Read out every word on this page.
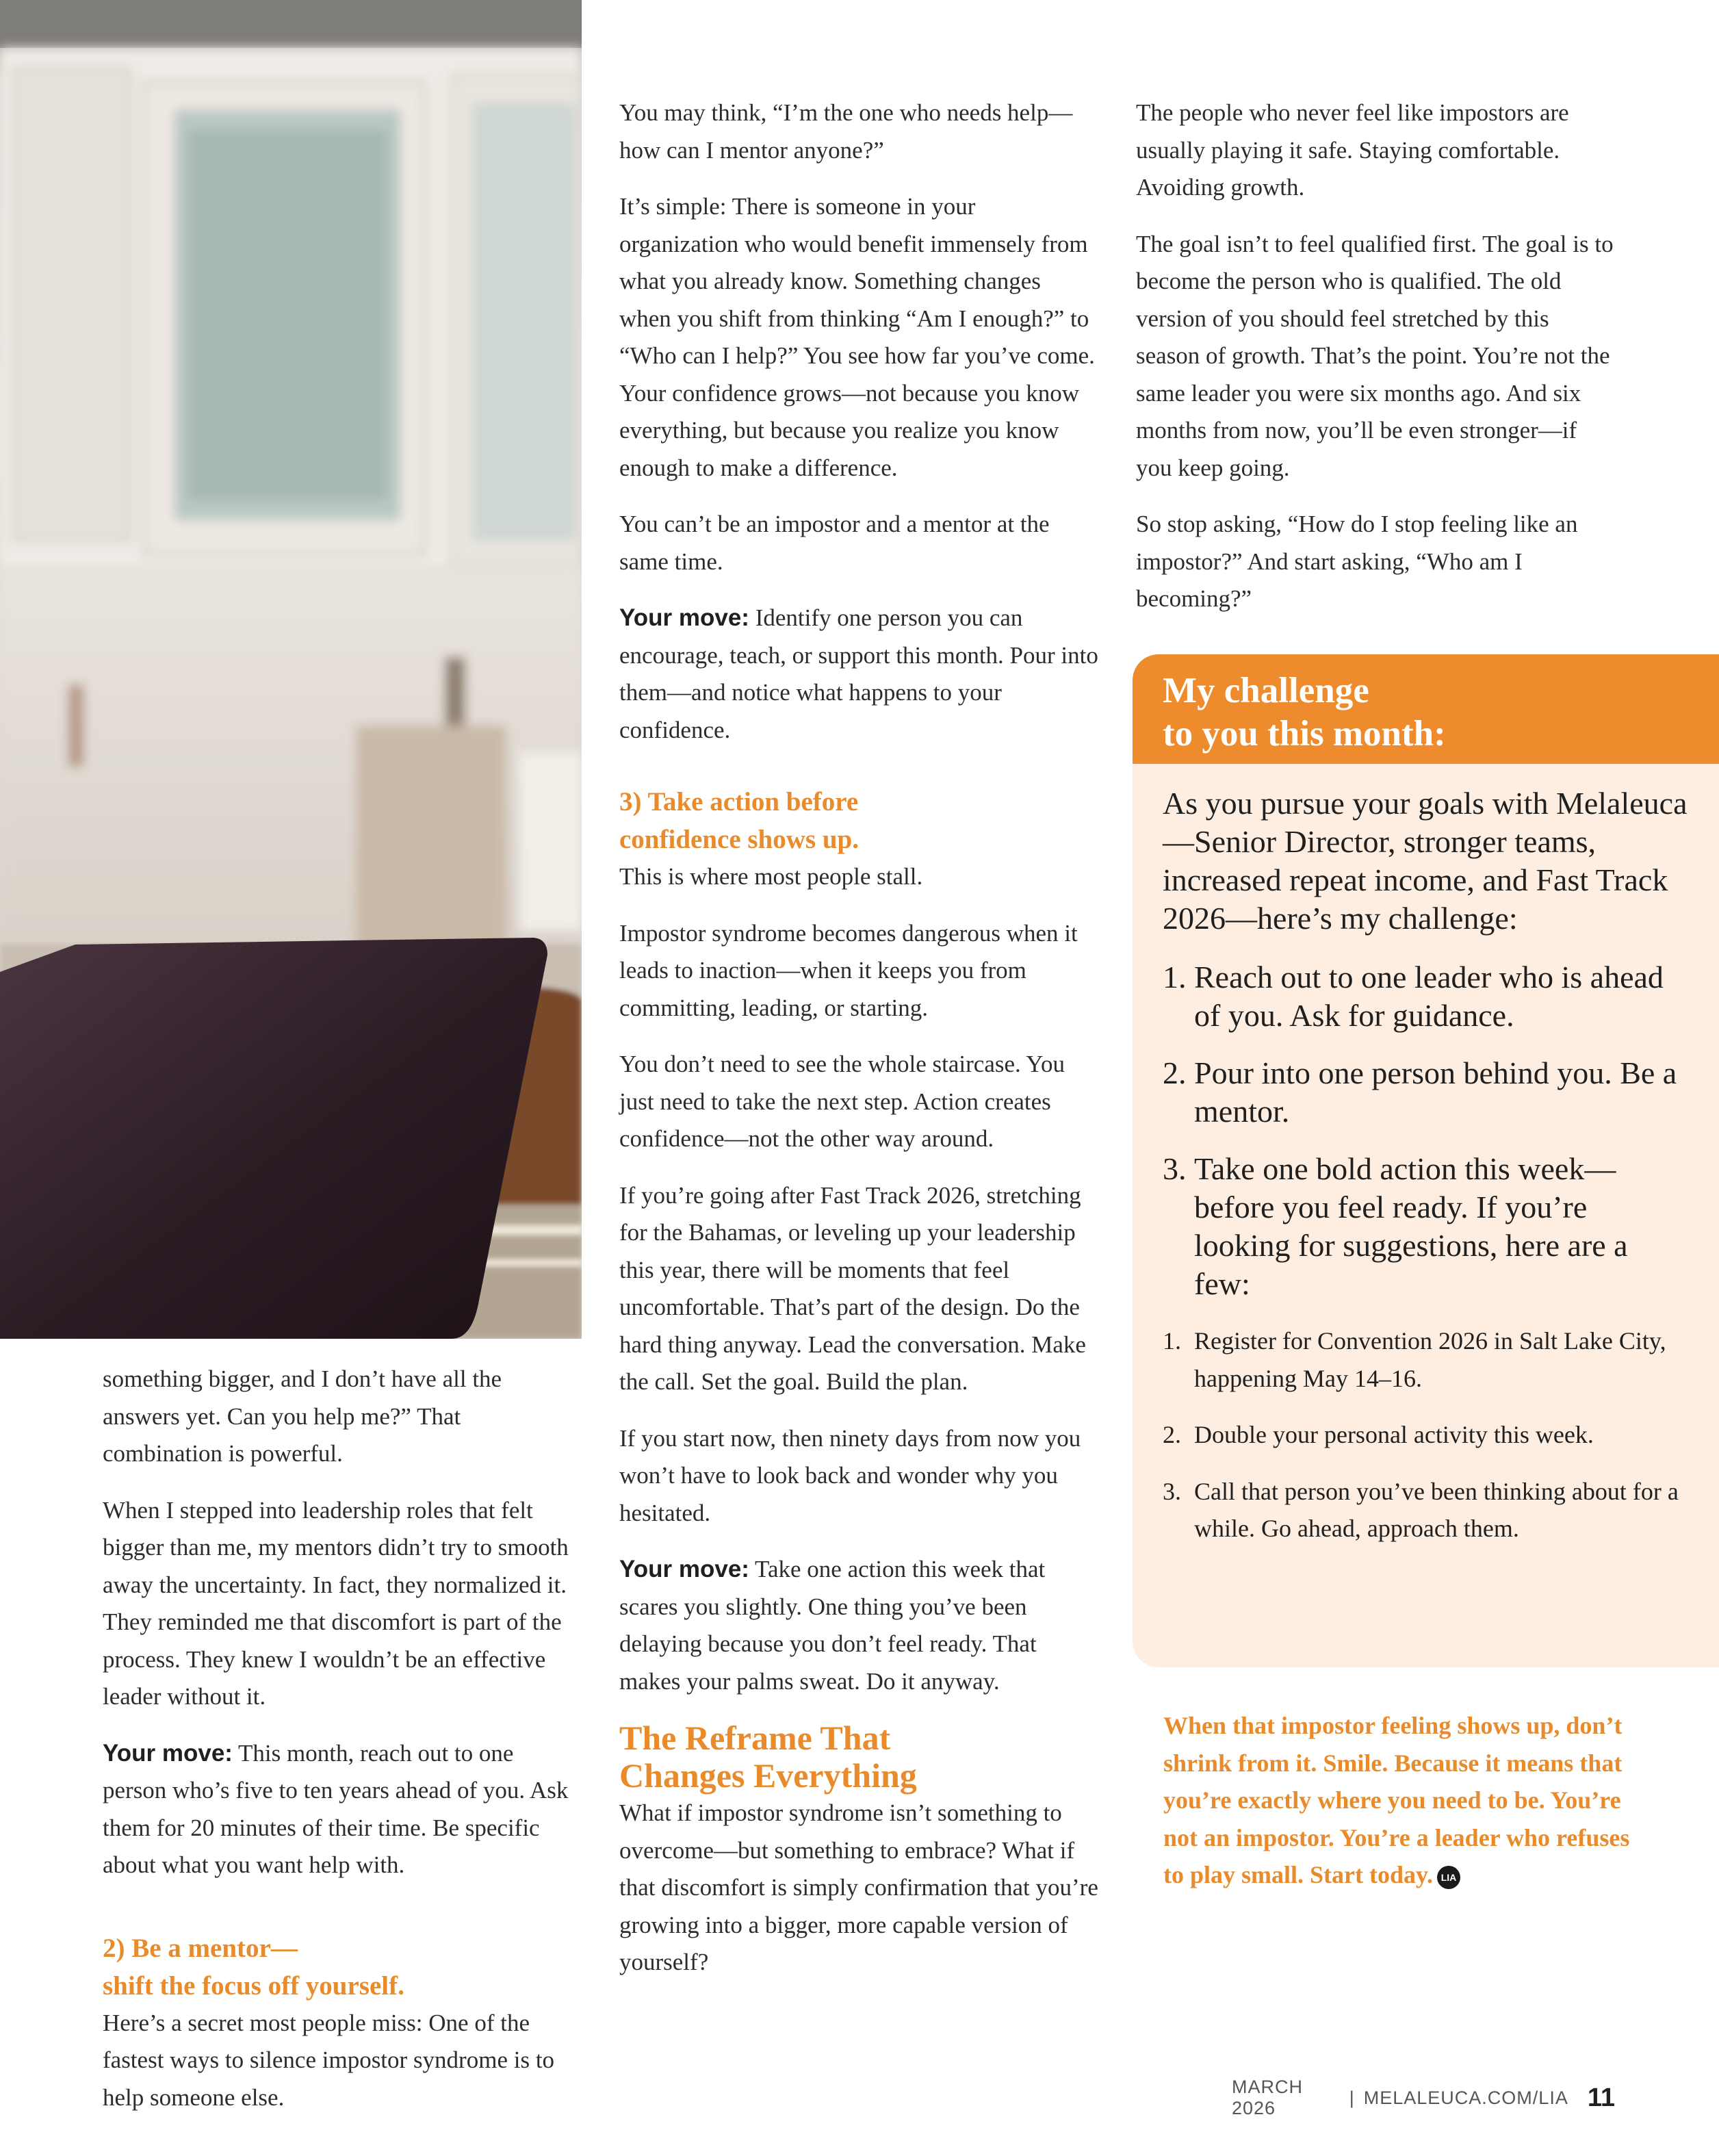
something bigger, and I don’t have all the answers yet. Can you help me?” That combination is powerful.

When I stepped into leadership roles that felt bigger than me, my mentors didn’t try to smooth away the uncertainty. In fact, they normalized it. They reminded me that discomfort is part of the process. They knew I wouldn’t be an effective leader without it.

Your move: This month, reach out to one person who’s five to ten years ahead of you. Ask them for 20 minutes of their time. Be specific about what you want help with.

2) Be a mentor—
shift the focus off yourself.

Here’s a secret most people miss: One of the fastest ways to silence impostor syndrome is to help someone else.

You may think, “I’m the one who needs help—how can I mentor anyone?”

It’s simple: There is someone in your organization who would benefit immensely from what you already know. Something changes when you shift from thinking “Am I enough?” to “Who can I help?” You see how far you’ve come. Your confidence grows—not because you know everything, but because you realize you know enough to make a difference.

You can’t be an impostor and a mentor at the same time.

Your move: Identify one person you can encourage, teach, or support this month. Pour into them—and notice what happens to your confidence.

3) Take action before
confidence shows up.

This is where most people stall.

Impostor syndrome becomes dangerous when it leads to inaction—when it keeps you from committing, leading, or starting.

You don’t need to see the whole staircase. You just need to take the next step. Action creates confidence—not the other way around.

If you’re going after Fast Track 2026, stretching for the Bahamas, or leveling up your leadership this year, there will be moments that feel uncomfortable. That’s part of the design. Do the hard thing anyway. Lead the conversation. Make the call. Set the goal. Build the plan.

If you start now, then ninety days from now you won’t have to look back and wonder why you hesitated.

Your move: Take one action this week that scares you slightly. One thing you’ve been delaying because you don’t feel ready. That makes your palms sweat. Do it anyway.

The Reframe That
Changes Everything

What if impostor syndrome isn’t something to overcome—but something to embrace? What if that discomfort is simply confirmation that you’re growing into a bigger, more capable version of yourself?

The people who never feel like impostors are usually playing it safe. Staying comfortable. Avoiding growth.

The goal isn’t to feel qualified first. The goal is to become the person who is qualified. The old version of you should feel stretched by this season of growth. That’s the point. You’re not the same leader you were six months ago. And six months from now, you’ll be even stronger—if you keep going.

So stop asking, “How do I stop feeling like an impostor?” And start asking, “Who am I becoming?”

My challenge
to you this month:

As you pursue your goals with Melaleuca—Senior Director, stronger teams, increased repeat income, and Fast Track 2026—here’s my challenge:

1. Reach out to one leader who is ahead of you. Ask for guidance.
2. Pour into one person behind you. Be a mentor.
3. Take one bold action this week—before you feel ready. If you’re looking for suggestions, here are a few:
1. Register for Convention 2026 in Salt Lake City, happening May 14–16.
2. Double your personal activity this week.
3. Call that person you’ve been thinking about for a while. Go ahead, approach them.

When that impostor feeling shows up, don’t shrink from it. Smile. Because it means that you’re exactly where you need to be. You’re not an impostor. You’re a leader who refuses to play small. Start today. LIA

MARCH 2026
| MELALEUCA.COM/LIA 11
